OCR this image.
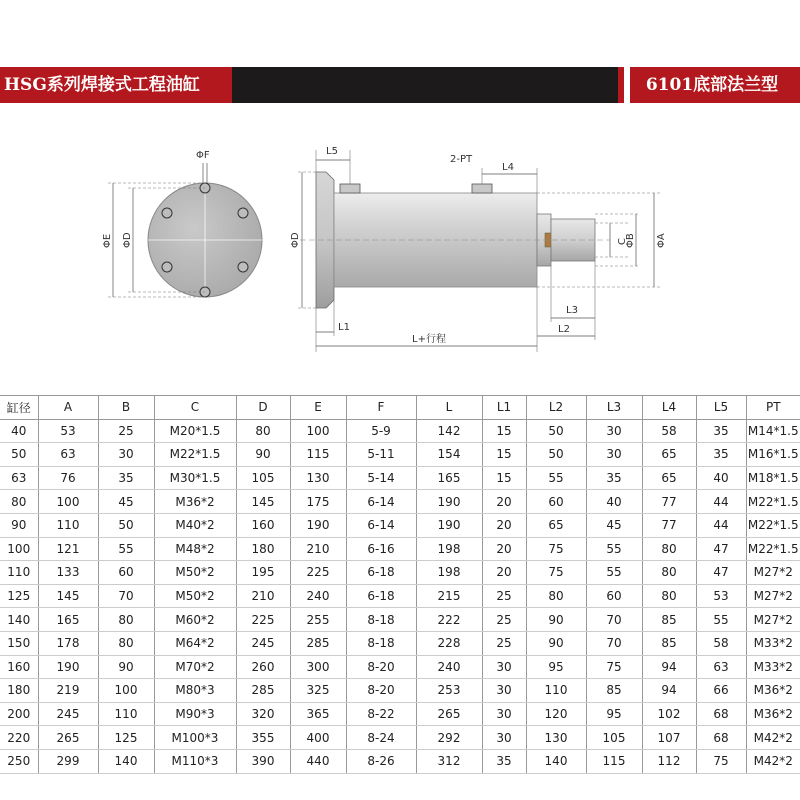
HSG系列焊接式工程油缸	6101底部法兰型
ΦF
ΦE ΦD	ΦD
L5
2-PT
L4
C
ΦB ΦA
L3
L1	L2
L+行程
缸径	A	B	C	D	E	F	L	L1	L2	L3	L4	L5	PT
40	53	25	M20*1.5	80	100	5-9	142	15	50	30	58	35	M14*1.5
50	63	30	M22*1.5	90	115	5-11	154	15	50	30	65	35	M16*1.5
63	76	35	M30*1.5	105	130	5-14	165	15	55	35	65	40	M18*1.5
80	100	45	M36*2	145	175	6-14	190	20	60	40	77	44	M22*1.5
90	110	50	M40*2	160	190	6-14	190	20	65	45	77	44	M22*1.5
100	121	55	M48*2	180	210	6-16	198	20	75	55	80	47	M22*1.5
110	133	60	M50*2	195	225	6-18	198	20	75	55	80	47	M27*2
125	145	70	M50*2	210	240	6-18	215	25	80	60	80	53	M27*2
140	165	80	M60*2	225	255	8-18	222	25	90	70	85	55	M27*2
150	178	80	M64*2	245	285	8-18	228	25	90	70	85	58	M33*2
160	190	90	M70*2	260	300	8-20	240	30	95	75	94	63	M33*2
180	219	100	M80*3	285	325	8-20	253	30	110	85	94	66	M36*2
200	245	110	M90*3	320	365	8-22	265	30	120	95	102	68	M36*2
220	265	125	M100*3	355	400	8-24	292	30	130	105	107	68	M42*2
250	299	140	M110*3	390	440	8-26	312	35	140	115	112	75	M42*2
